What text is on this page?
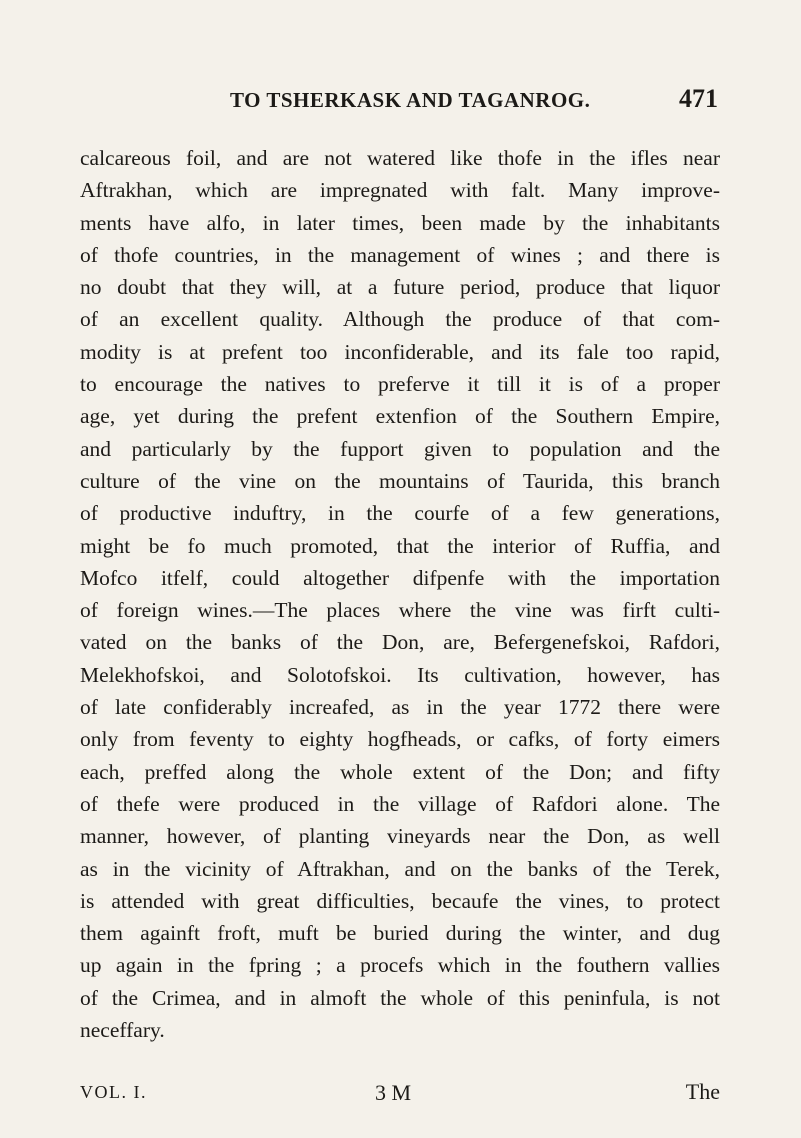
TO TSHERKASK AND TAGANROG.	471
calcareous foil, and are not watered like thofe in the ifles near
Aftrakhan, which are impregnated with falt. Many improve-
ments have alfo, in later times, been made by the inhabitants
of thofe countries, in the management of wines ; and there is
no doubt that they will, at a future period, produce that liquor
of an excellent quality. Although the produce of that com-
modity is at prefent too inconfiderable, and its fale too rapid,
to encourage the natives to preferve it till it is of a proper
age, yet during the prefent extenfion of the Southern Empire,
and particularly by the fupport given to population and the
culture of the vine on the mountains of Taurida, this branch
of productive induftry, in the courfe of a few generations,
might be fo much promoted, that the interior of Ruffia, and
Mofco itfelf, could altogether difpenfe with the importation
of foreign wines.—The places where the vine was firft culti-
vated on the banks of the Don, are, Befergenefskoi, Rafdori,
Melekhofskoi, and Solotofskoi. Its cultivation, however, has
of late confiderably increafed, as in the year 1772 there were
only from feventy to eighty hogfheads, or cafks, of forty eimers
each, preffed along the whole extent of the Don; and fifty
of thefe were produced in the village of Rafdori alone. The
manner, however, of planting vineyards near the Don, as well
as in the vicinity of Aftrakhan, and on the banks of the Terek,
is attended with great difficulties, becaufe the vines, to protect
them againft froft, muft be buried during the winter, and dug
up again in the fpring ; a procefs which in the fouthern vallies
of the Crimea, and in almoft the whole of this peninfula, is not
neceffary.
VOL. I.	3 M	The
